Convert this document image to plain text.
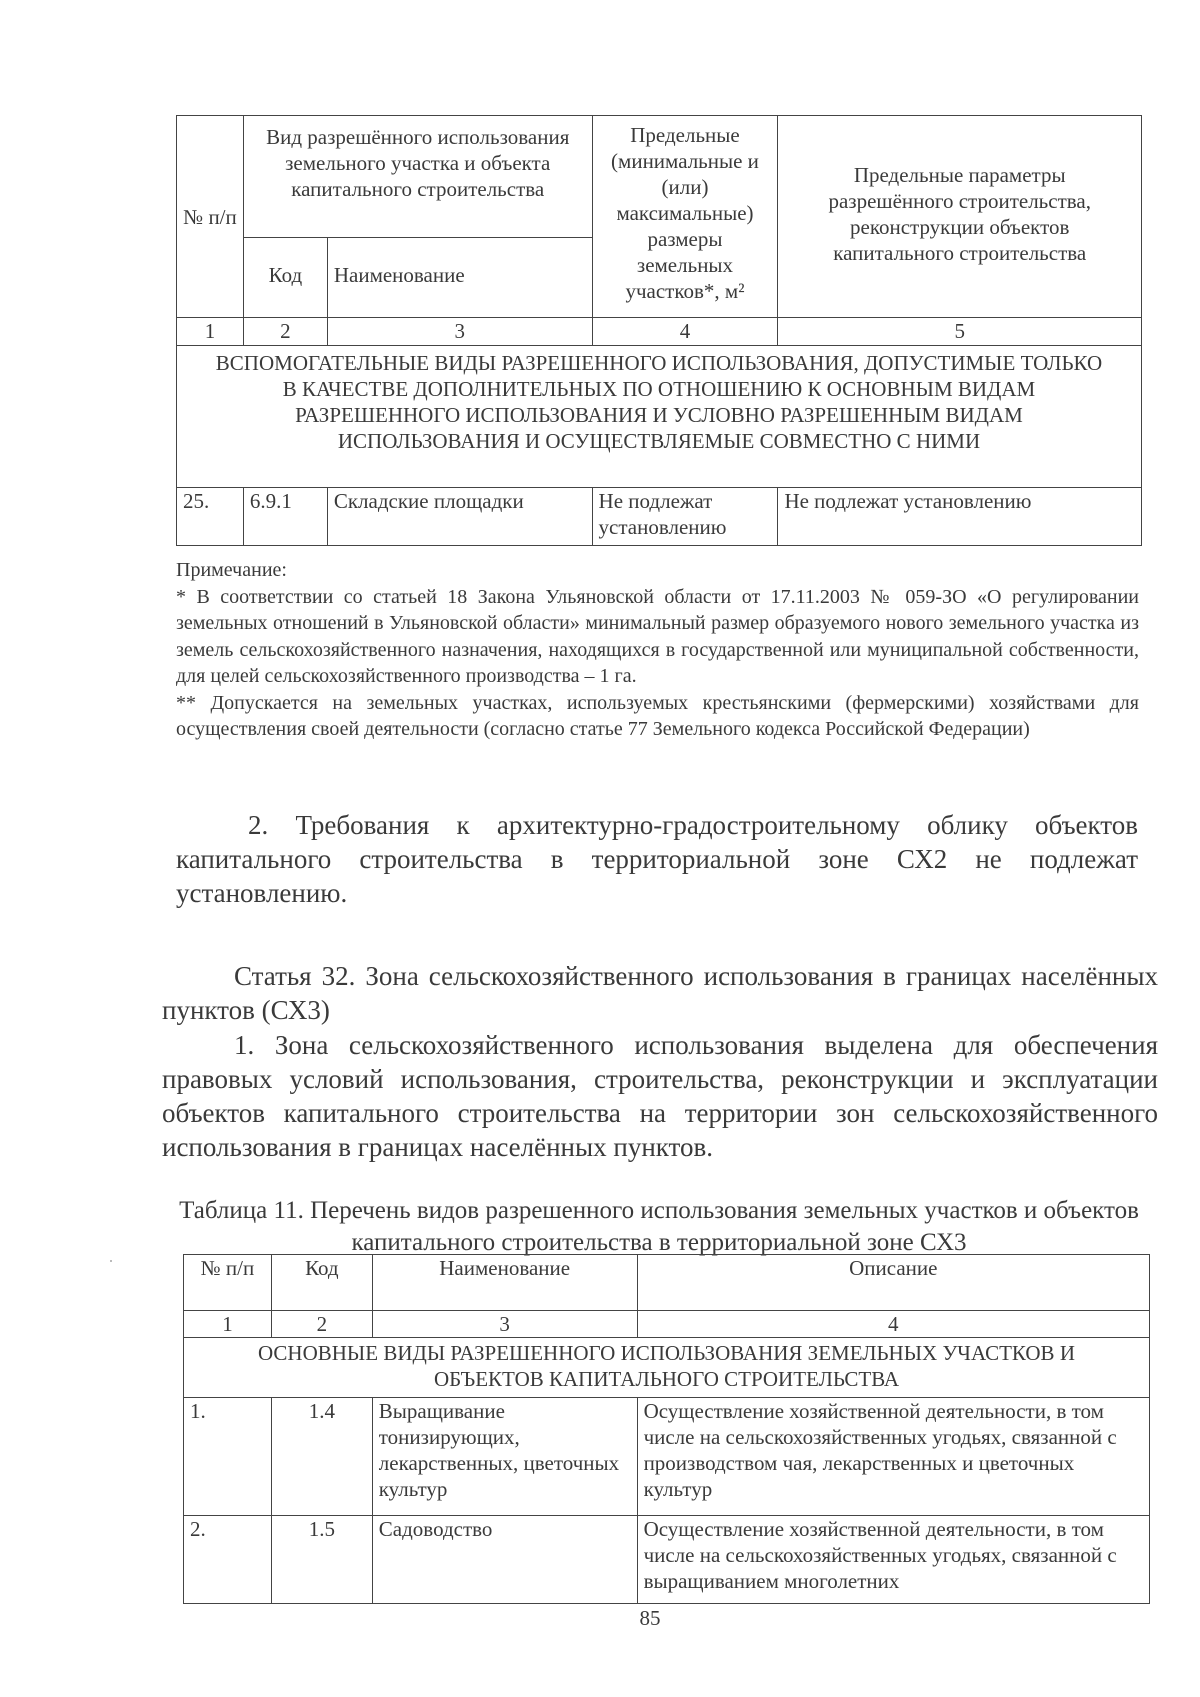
№ п/п	Вид разрешённого использования земельного участка и объекта капитального строительства		Предельные (минимальные и (или) максимальные) размеры земельных участков*, м²	Предельные параметры разрешённого строительства, реконструкции объектов капитального строительства
	Код	Наименование		
1	2	3	4	5
ВСПОМОГАТЕЛЬНЫЕ ВИДЫ РАЗРЕШЕННОГО ИСПОЛЬЗОВАНИЯ, ДОПУСТИМЫЕ ТОЛЬКО В КАЧЕСТВЕ ДОПОЛНИТЕЛЬНЫХ ПО ОТНОШЕНИЮ К ОСНОВНЫМ ВИДАМ РАЗРЕШЕННОГО ИСПОЛЬЗОВАНИЯ И УСЛОВНО РАЗРЕШЕННЫМ ВИДАМ ИСПОЛЬЗОВАНИЯ И ОСУЩЕСТВЛЯЕМЫЕ СОВМЕСТНО С НИМИ				
25.	6.9.1	Складские площадки	Не подлежат установлению	Не подлежат установлению
Примечание:
* В соответствии со статьей 18 Закона Ульяновской области от 17.11.2003 № 059-ЗО «О регулировании земельных отношений в Ульяновской области» минимальный размер образуемого нового земельного участка из земель сельскохозяйственного назначения, находящихся в государственной или муниципальной собственности, для целей сельскохозяйственного производства – 1 га.
** Допускается на земельных участках, используемых крестьянскими (фермерскими) хозяйствами для осуществления своей деятельности (согласно статье 77 Земельного кодекса Российской Федерации)
2. Требования к архитектурно-градостроительному облику объектов капитального строительства в территориальной зоне СХ2 не подлежат установлению.
Статья 32. Зона сельскохозяйственного использования в границах населённых пунктов (СХ3)
1. Зона сельскохозяйственного использования выделена для обеспечения правовых условий использования, строительства, реконструкции и эксплуатации объектов капитального строительства на территории зон сельскохозяйственного использования в границах населённых пунктов.
Таблица 11. Перечень видов разрешенного использования земельных участков и объектов капитального строительства в территориальной зоне СХ3
№ п/п	Код	Наименование	Описание
1	2	3	4
ОСНОВНЫЕ ВИДЫ РАЗРЕШЕННОГО ИСПОЛЬЗОВАНИЯ ЗЕМЕЛЬНЫХ УЧАСТКОВ И ОБЪЕКТОВ КАПИТАЛЬНОГО СТРОИТЕЛЬСТВА			
1.	1.4	Выращивание тонизирующих, лекарственных, цветочных культур	Осуществление хозяйственной деятельности, в том числе на сельскохозяйственных угодьях, связанной с производством чая, лекарственных и цветочных культур
2.	1.5	Садоводство	Осуществление хозяйственной деятельности, в том числе на сельскохозяйственных угодьях, связанной с выращиванием многолетних
85
